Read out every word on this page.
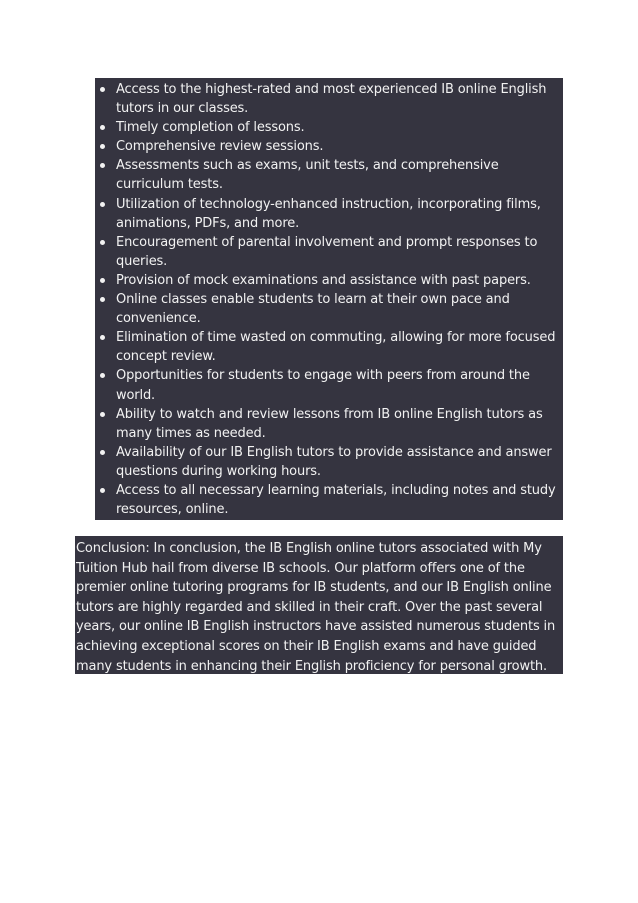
Access to the highest-rated and most experienced IB online English tutors in our classes.
Timely completion of lessons.
Comprehensive review sessions.
Assessments such as exams, unit tests, and comprehensive curriculum tests.
Utilization of technology-enhanced instruction, incorporating films, animations, PDFs, and more.
Encouragement of parental involvement and prompt responses to queries.
Provision of mock examinations and assistance with past papers.
Online classes enable students to learn at their own pace and convenience.
Elimination of time wasted on commuting, allowing for more focused concept review.
Opportunities for students to engage with peers from around the world.
Ability to watch and review lessons from IB online English tutors as many times as needed.
Availability of our IB English tutors to provide assistance and answer questions during working hours.
Access to all necessary learning materials, including notes and study resources, online.

Conclusion: In conclusion, the IB English online tutors associated with My Tuition Hub hail from diverse IB schools. Our platform offers one of the premier online tutoring programs for IB students, and our IB English online tutors are highly regarded and skilled in their craft. Over the past several years, our online IB English instructors have assisted numerous students in achieving exceptional scores on their IB English exams and have guided many students in enhancing their English proficiency for personal growth.
